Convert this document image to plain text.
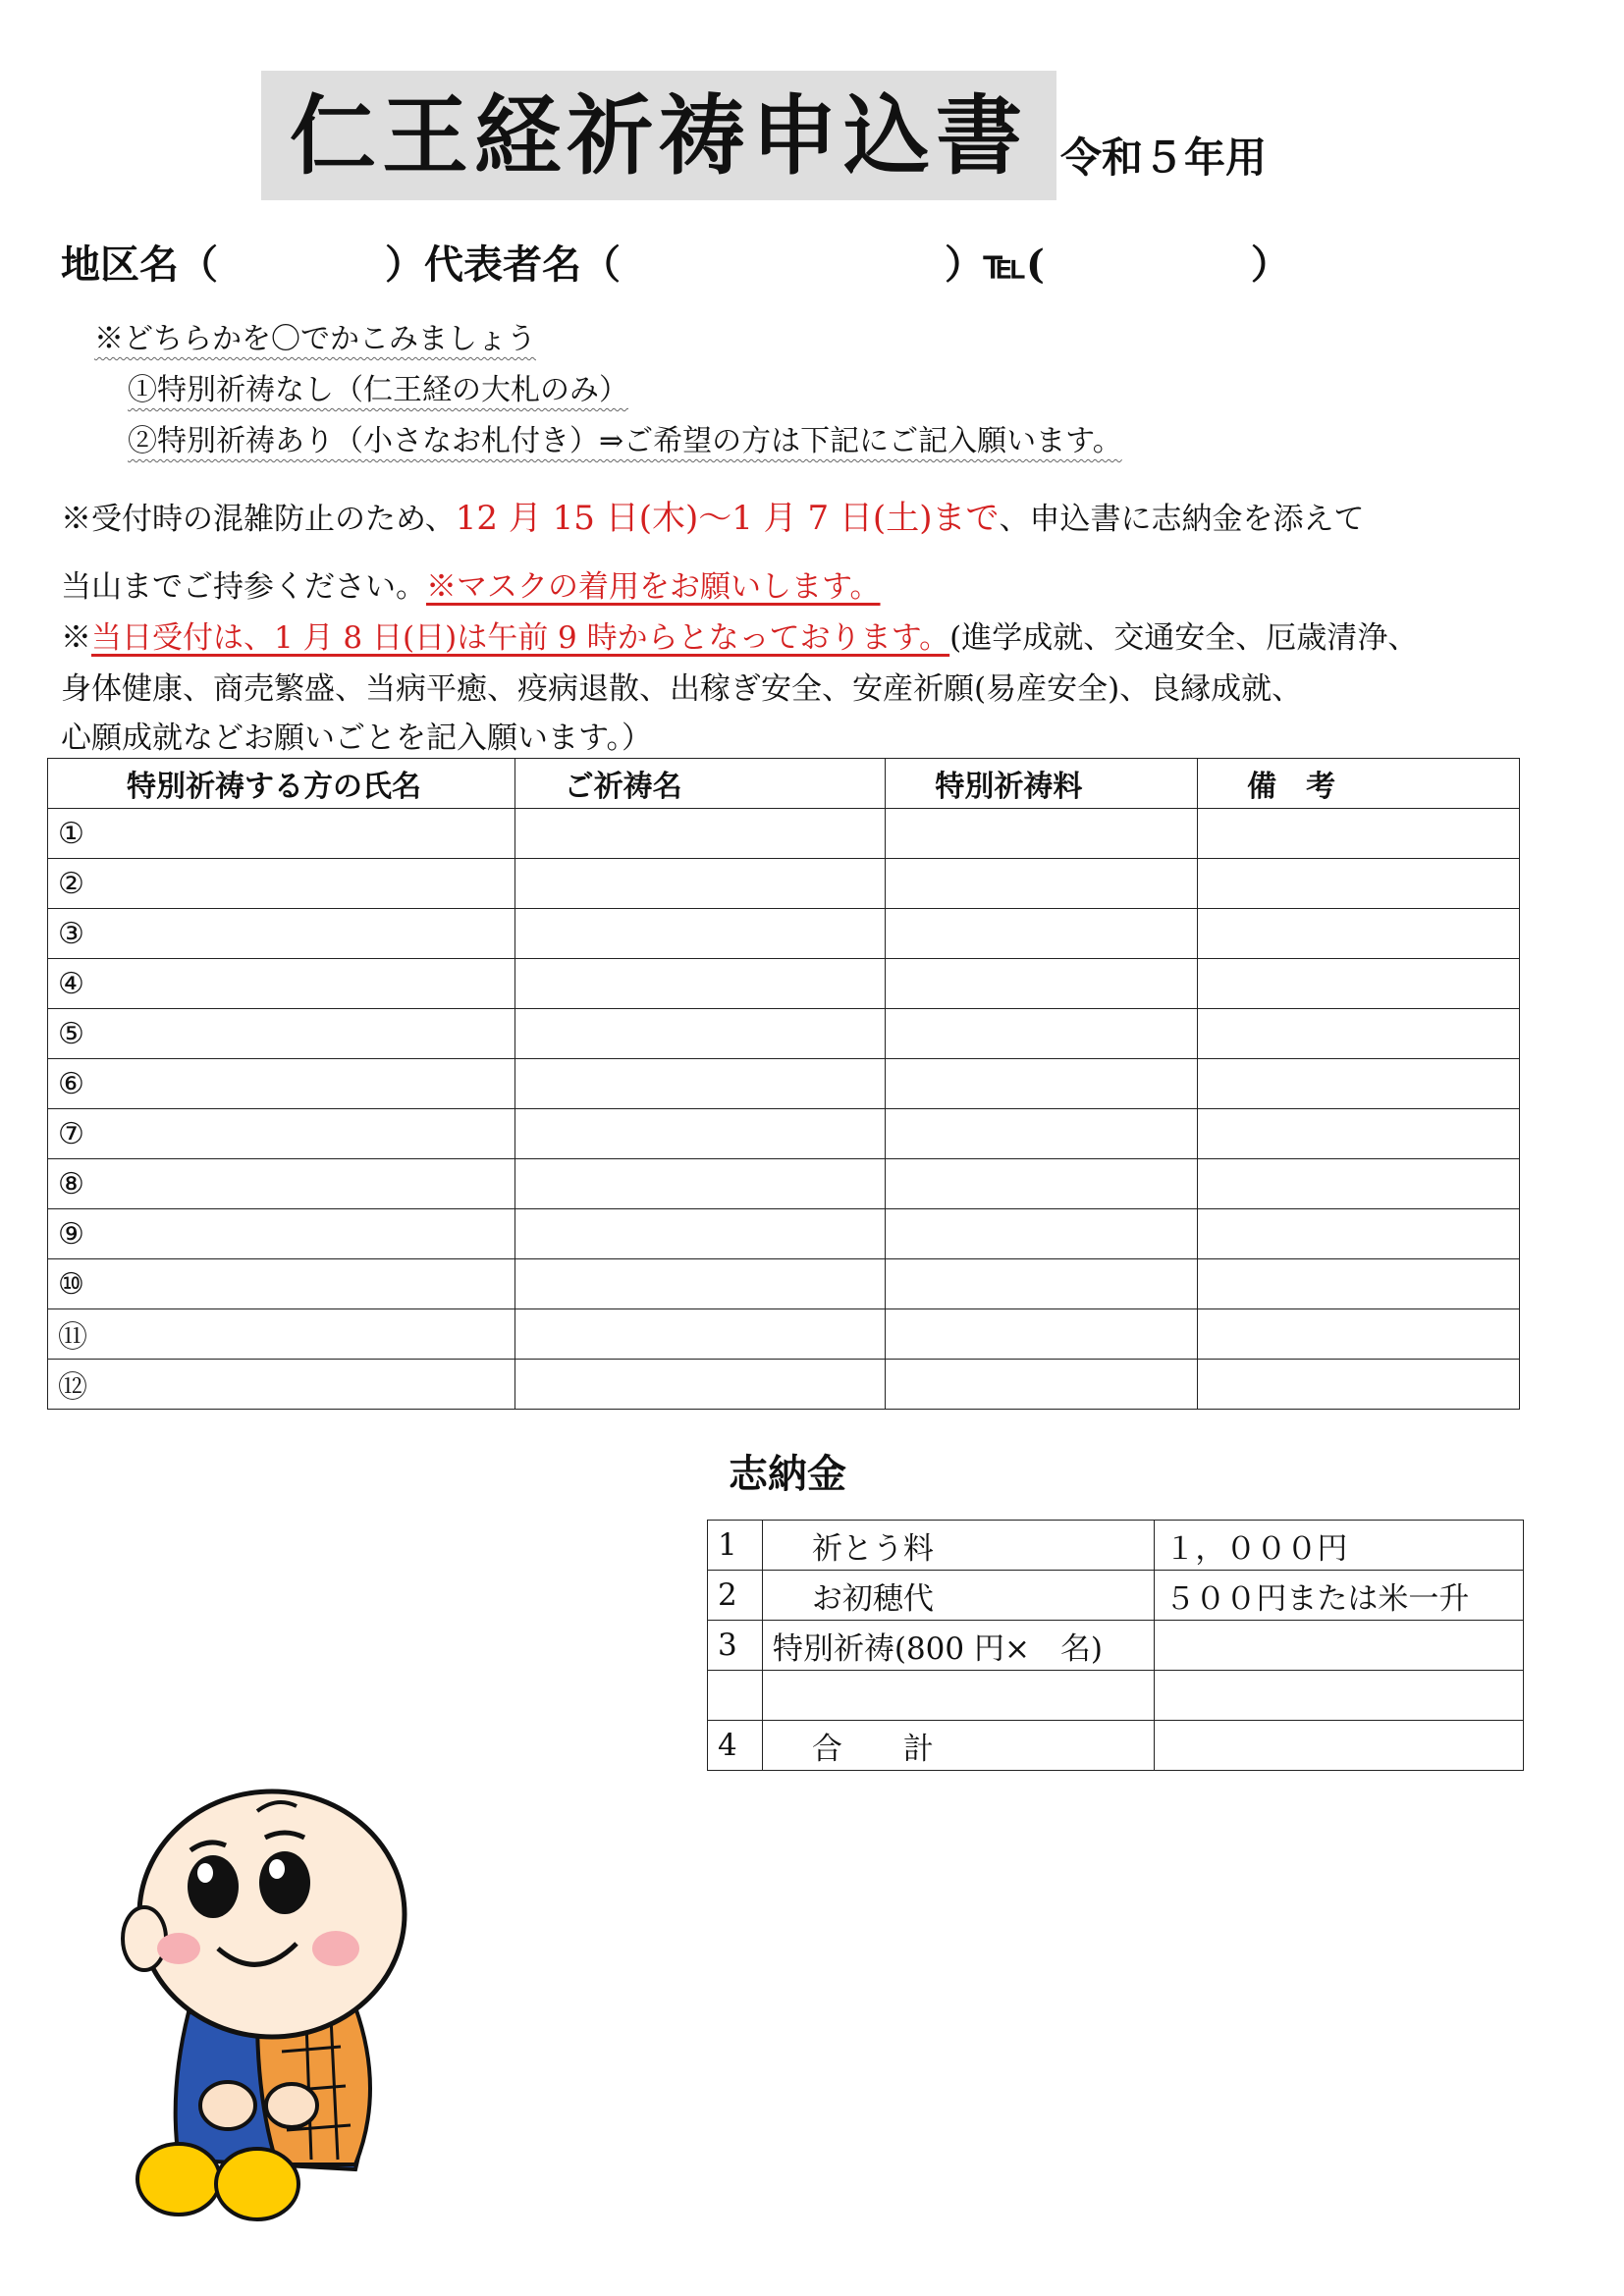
仁王経祈祷申込書 令和５年用
地区名（	）代表者名（	）℡(	）
※どちらかを〇でかこみましょう
①特別祈祷なし（仁王経の大札のみ）
②特別祈祷あり（小さなお札付き）⇒ご希望の方は下記にご記入願います。
※受付時の混雑防止のため、12 月 15 日(木)～1 月 7 日(土)まで、申込書に志納金を添えて
当山までご持参ください。※マスクの着用をお願いします。
※当日受付は、1 月 8 日(日)は午前 9 時からとなっております。(進学成就、交通安全、厄歳清浄、
身体健康、商売繁盛、当病平癒、疫病退散、出稼ぎ安全、安産祈願(易産安全)、良縁成就、
心願成就などお願いごとを記入願います。）
特別祈祷する方の氏名	ご祈祷名	特別祈祷料	備　考
①			
②			
③			
④			
⑤			
⑥			
⑦			
⑧			
⑨			
⑩			
⑪			
⑫			
志納金
1	祈とう料	１，０００円
2	お初穂代	５００円または米一升
3	特別祈祷(800 円×　名)	

4	合　　計	
